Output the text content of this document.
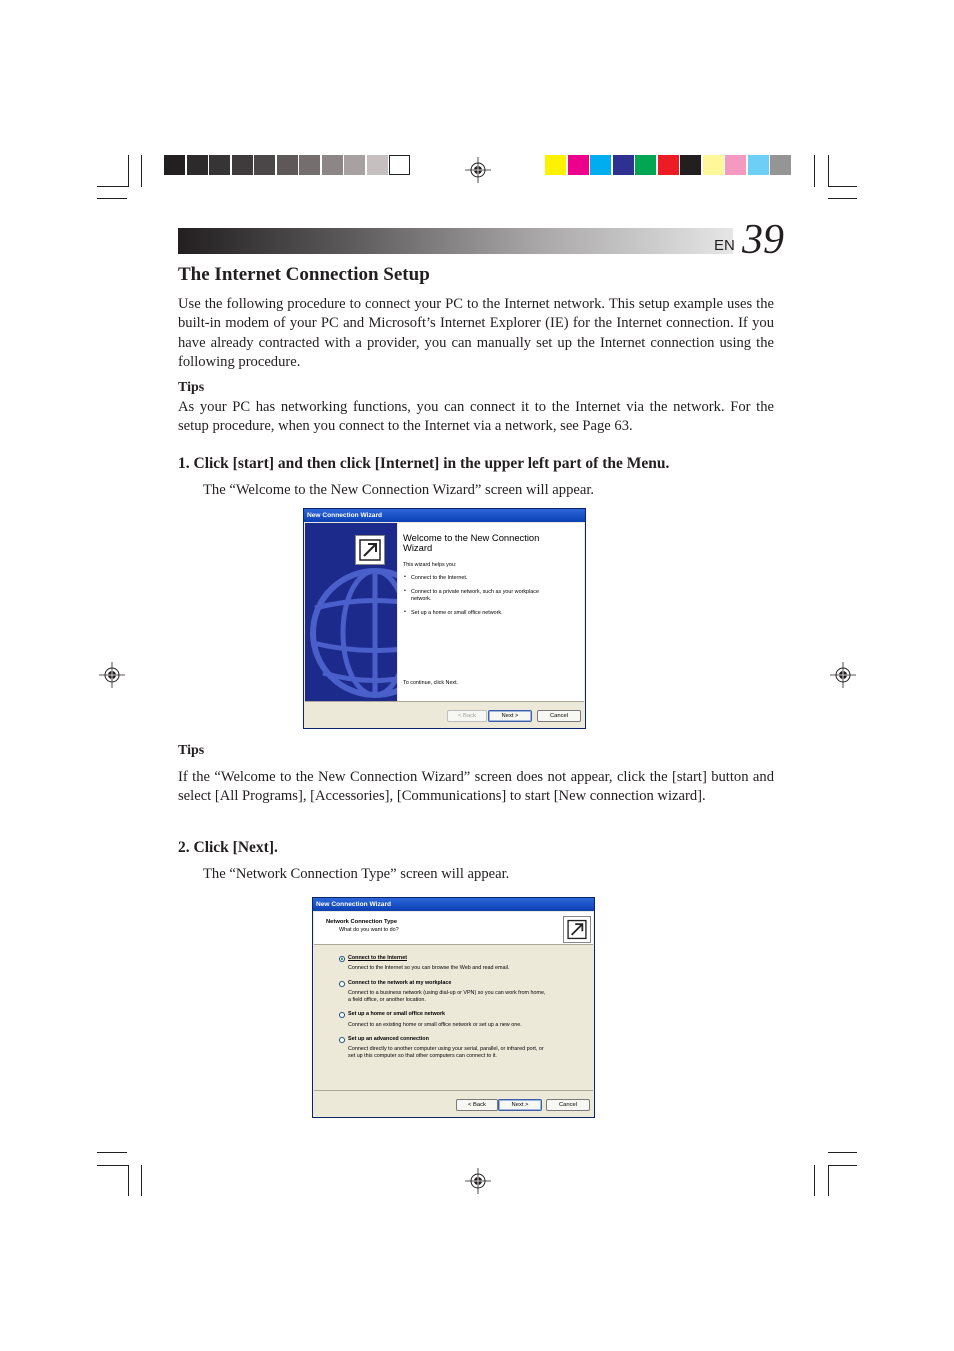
EN 39
The Internet Connection Setup
Use the following procedure to connect your PC to the Internet network. This setup example uses the built-in modem of your PC and Microsoft’s Internet Explorer (IE) for the Internet connection. If you have already contracted with a provider, you can manually set up the Internet connection using the following procedure.
Tips
As your PC has networking functions, you can connect it to the Internet via the network. For the setup procedure, when you connect to the Internet via a network, see Page 63.
1. Click [start] and then click [Internet] in the upper left part of the Menu.
The “Welcome to the New Connection Wizard” screen will appear.
New Connection Wizard
Welcome to the New Connection
Wizard
This wizard helps you:
• Connect to the Internet.
• Connect to a private network, such as your workplace
network.
• Set up a home or small office network.
To continue, click Next.
< Back	Next >	Cancel
Tips
If the “Welcome to the New Connection Wizard” screen does not appear, click the [start] button and select [All Programs], [Accessories], [Communications] to start [New connection wizard].
2. Click [Next].
The “Network Connection Type” screen will appear.
New Connection Wizard
Network Connection Type
What do you want to do?
Connect to the Internet
Connect to the Internet so you can browse the Web and read email.
Connect to the network at my workplace
Connect to a business network (using dial-up or VPN) so you can work from home,
a field office, or another location.
Set up a home or small office network
Connect to an existing home or small office network or set up a new one.
Set up an advanced connection
Connect directly to another computer using your serial, parallel, or infrared port, or
set up this computer so that other computers can connect to it.
< Back	Next >	Cancel
